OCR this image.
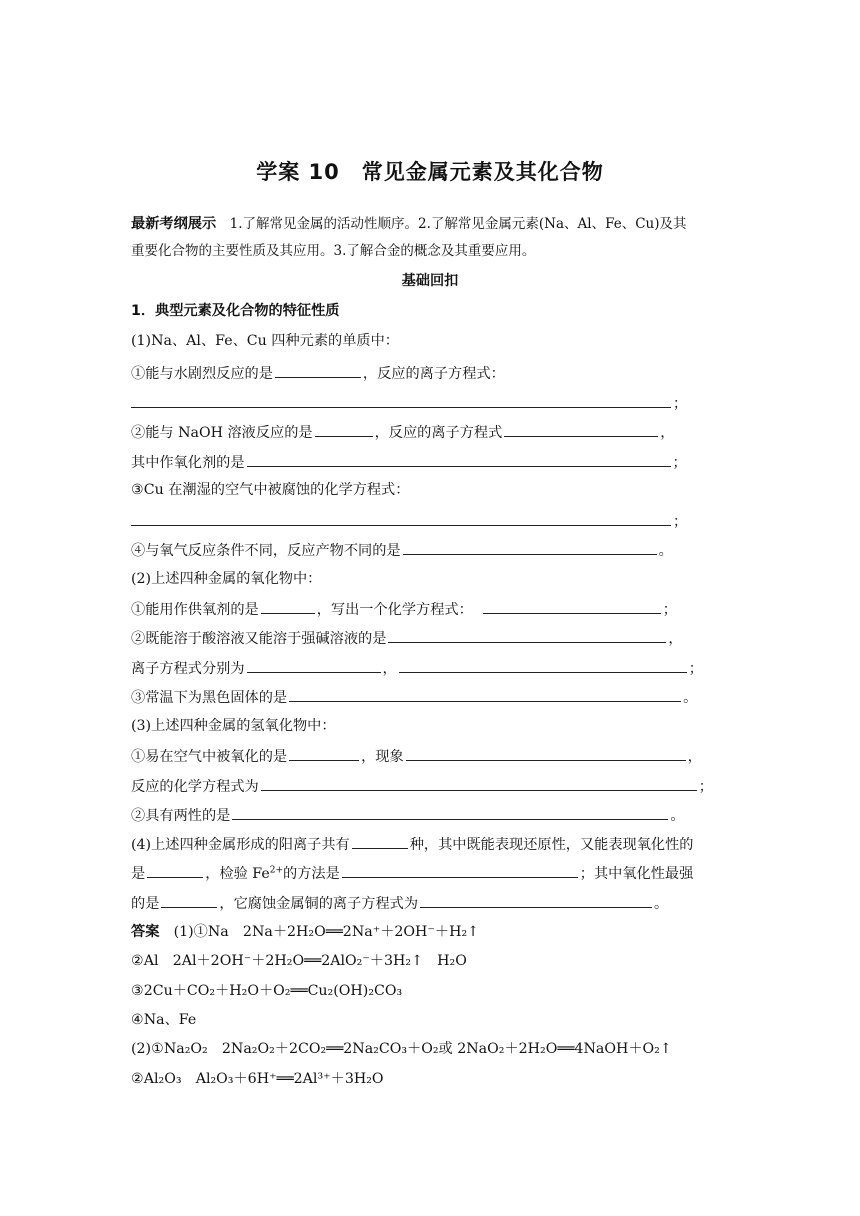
学案 10　常见金属元素及其化合物
最新考纲展示　1.了解常见金属的活动性顺序。2.了解常见金属元素(Na、Al、Fe、Cu)及其
重要化合物的主要性质及其应用。3.了解合金的概念及其重要应用。
基础回扣
1．典型元素及化合物的特征性质
(1)Na、Al、Fe、Cu 四种元素的单质中：
①能与水剧烈反应的是	，反应的离子方程式：
；
②能与 NaOH 溶液反应的是	，反应的离子方程式	，
其中作氧化剂的是	；
③Cu 在潮湿的空气中被腐蚀的化学方程式：
；
④与氧气反应条件不同，反应产物不同的是	。
(2)上述四种金属的氧化物中：
①能用作供氧剂的是	，写出一个化学方程式：	；
②既能溶于酸溶液又能溶于强碱溶液的是	，
离子方程式分别为	，	；
③常温下为黑色固体的是	。
(3)上述四种金属的氢氧化物中：
①易在空气中被氧化的是	，现象	，
反应的化学方程式为	；
②具有两性的是	。
(4)上述四种金属形成的阳离子共有	种，其中既能表现还原性，又能表现氧化性的
是	，检验 $Fe^{2+}$的方法是	；其中氧化性最强
的是	，它腐蚀金属铜的离子方程式为	。
答案　(1)①Na　2Na＋2H₂O══2Na⁺＋2OH⁻＋H₂↑
②Al　2Al＋2OH⁻＋2H₂O══2AlO₂⁻＋3H₂↑　H₂O
③2Cu＋CO₂＋H₂O＋O₂══Cu₂(OH)₂CO₃
④Na、Fe
(2)①Na₂O₂　2Na₂O₂＋2CO₂══2Na₂CO₃＋O₂或 2NaO₂＋2H₂O══4NaOH＋O₂↑
②Al₂O₃　Al₂O₃＋6H⁺══2Al³⁺＋3H₂O
